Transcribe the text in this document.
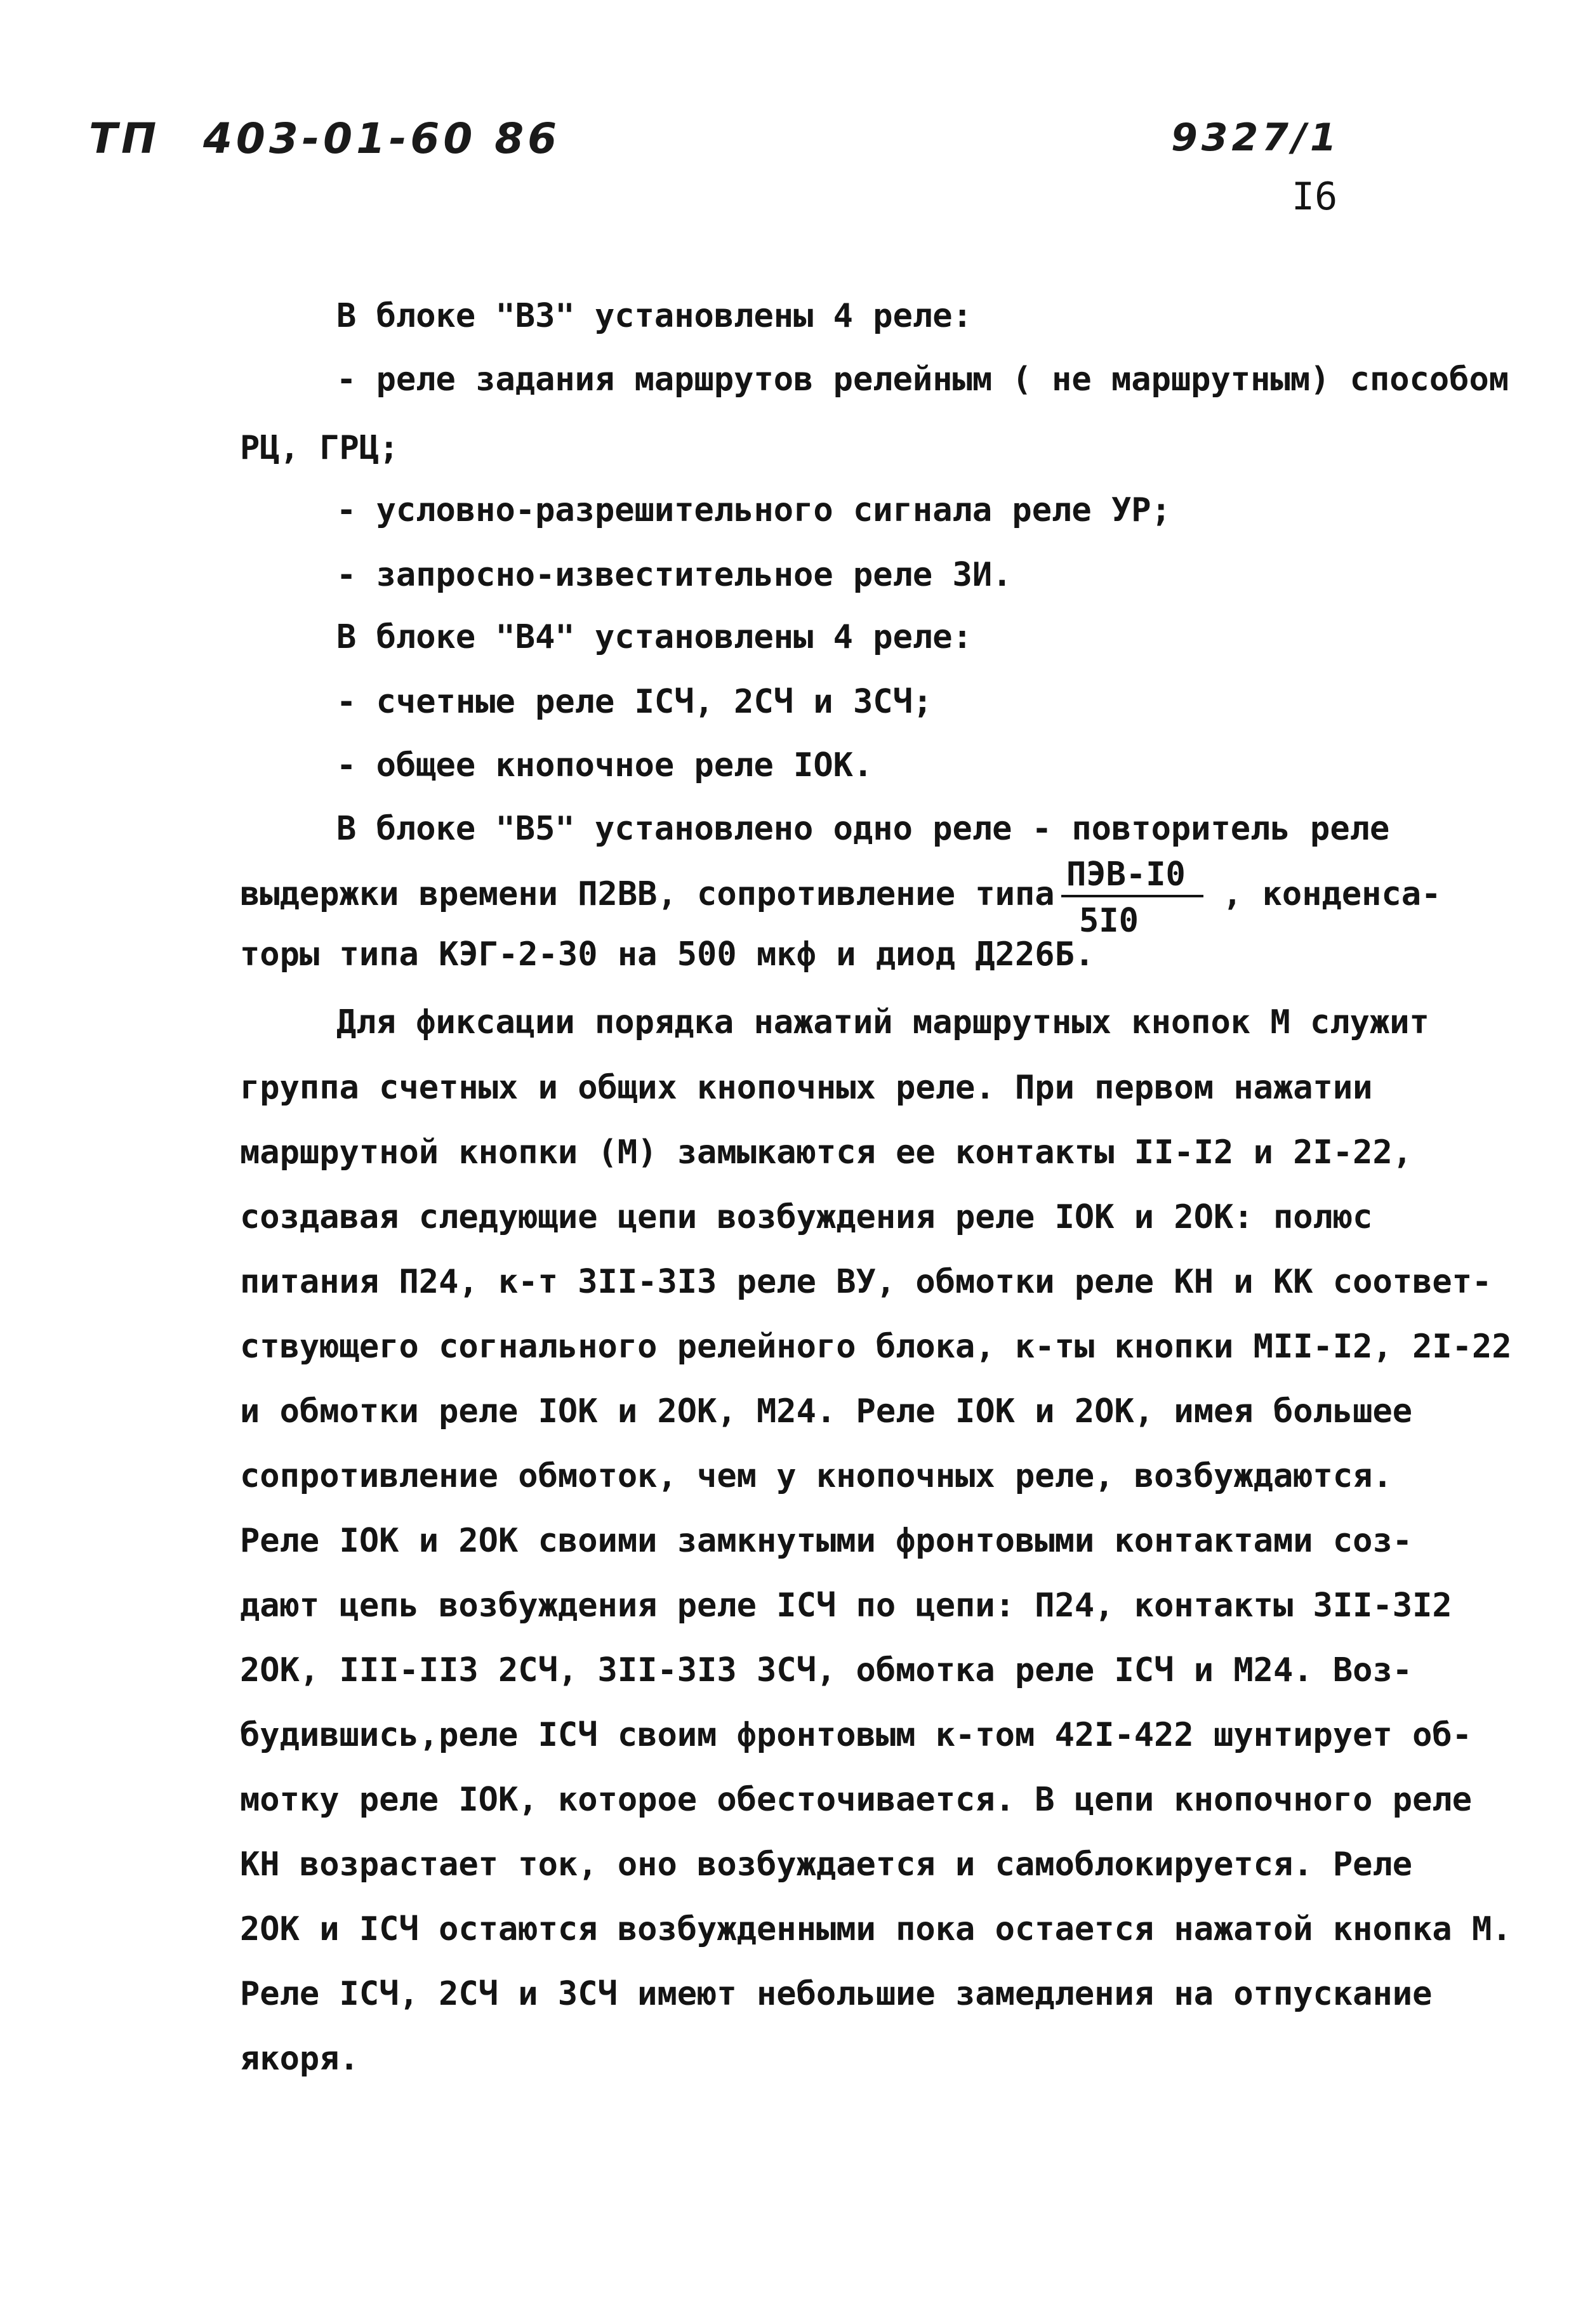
ТП 403-01-60 86	9327/1
I6
В блоке "ВЗ" установлены 4 реле:
- реле задания маршрутов релейным ( не маршрутным) способом
РЦ, ГРЦ;
- условно-разрешительного сигнала реле УР;
- запросно-известительное реле ЗИ.
В блоке "В4" установлены 4 реле:
- счетные реле IСЧ, 2СЧ и 3СЧ;
- общее кнопочное реле IOK.
В блоке "В5" установлено одно реле - повторитель реле
выдержки времени П2ВВ, сопротивление типа
ПЭВ-I0
5I0
, конденса-
торы типа КЭГ-2-30 на 500 мкф и диод Д226Б.
Для фиксации порядка нажатий маршрутных кнопок М служит
группа счетных и общих кнопочных реле. При первом нажатии
маршрутной кнопки (М) замыкаются ее контакты II-I2 и 2I-22,
создавая следующие цепи возбуждения реле IOK и 2OK: полюс
питания П24, к-т 3II-3I3 реле ВУ, обмотки реле КН и КК соответ-
ствующего согнального релейного блока, к-ты кнопки МII-I2, 2I-22
и обмотки реле IOK и 2OK, М24. Реле IOK и 2OK, имея большее
сопротивление обмоток, чем у кнопочных реле, возбуждаются.
Реле IOK и 2OK своими замкнутыми фронтовыми контактами соз-
дают цепь возбуждения реле IСЧ по цепи: П24, контакты 3II-3I2
2OK, III-II3 2СЧ, 3II-3I3 3СЧ, обмотка реле IСЧ и М24. Воз-
будившись,реле IСЧ своим фронтовым к-том 42I-422 шунтирует об-
мотку реле IOK, которое обесточивается. В цепи кнопочного реле
КН возрастает ток, оно возбуждается и самоблокируется. Реле
2OK и IСЧ остаются возбужденными пока остается нажатой кнопка М.
Реле IСЧ, 2СЧ и 3СЧ имеют небольшие замедления на отпускание
якоря.
